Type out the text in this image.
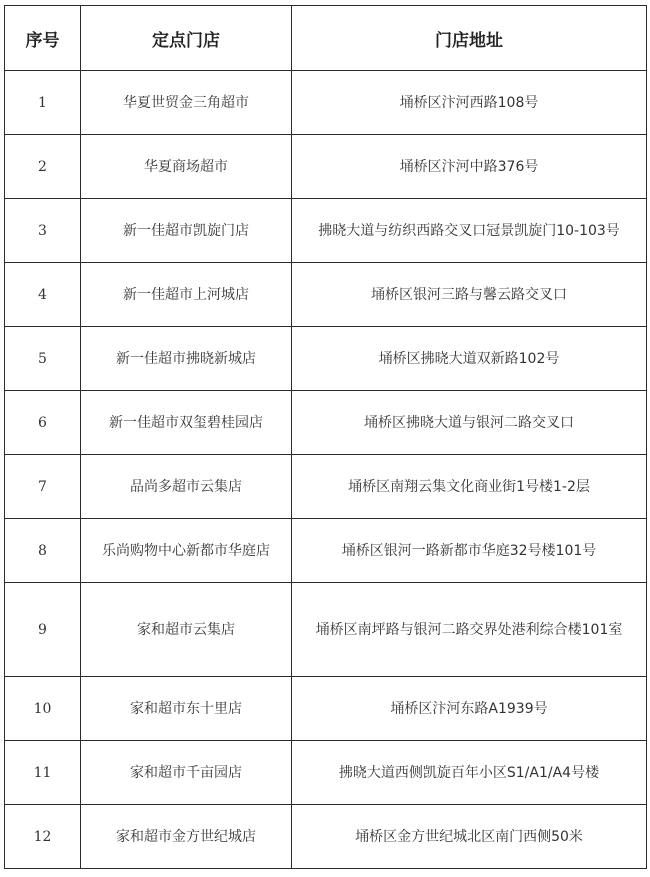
序号	定点门店	门店地址
1	华夏世贸金三角超市	埇桥区汴河西路108号
2	华夏商场超市	埇桥区汴河中路376号
3	新一佳超市凯旋门店	拂晓大道与纺织西路交叉口冠景凯旋门10-103号
4	新一佳超市上河城店	埇桥区银河三路与馨云路交叉口
5	新一佳超市拂晓新城店	埇桥区拂晓大道双新路102号
6	新一佳超市双玺碧桂园店	埇桥区拂晓大道与银河二路交叉口
7	品尚多超市云集店	埇桥区南翔云集文化商业街1号楼1-2层
8	乐尚购物中心新都市华庭店	埇桥区银河一路新都市华庭32号楼101号
9	家和超市云集店	埇桥区南坪路与银河二路交界处港利综合楼101室
10	家和超市东十里店	埇桥区汴河东路A1939号
11	家和超市千亩园店	拂晓大道西侧凯旋百年小区S1/A1/A4号楼
12	家和超市金方世纪城店	埇桥区金方世纪城北区南门西侧50米
